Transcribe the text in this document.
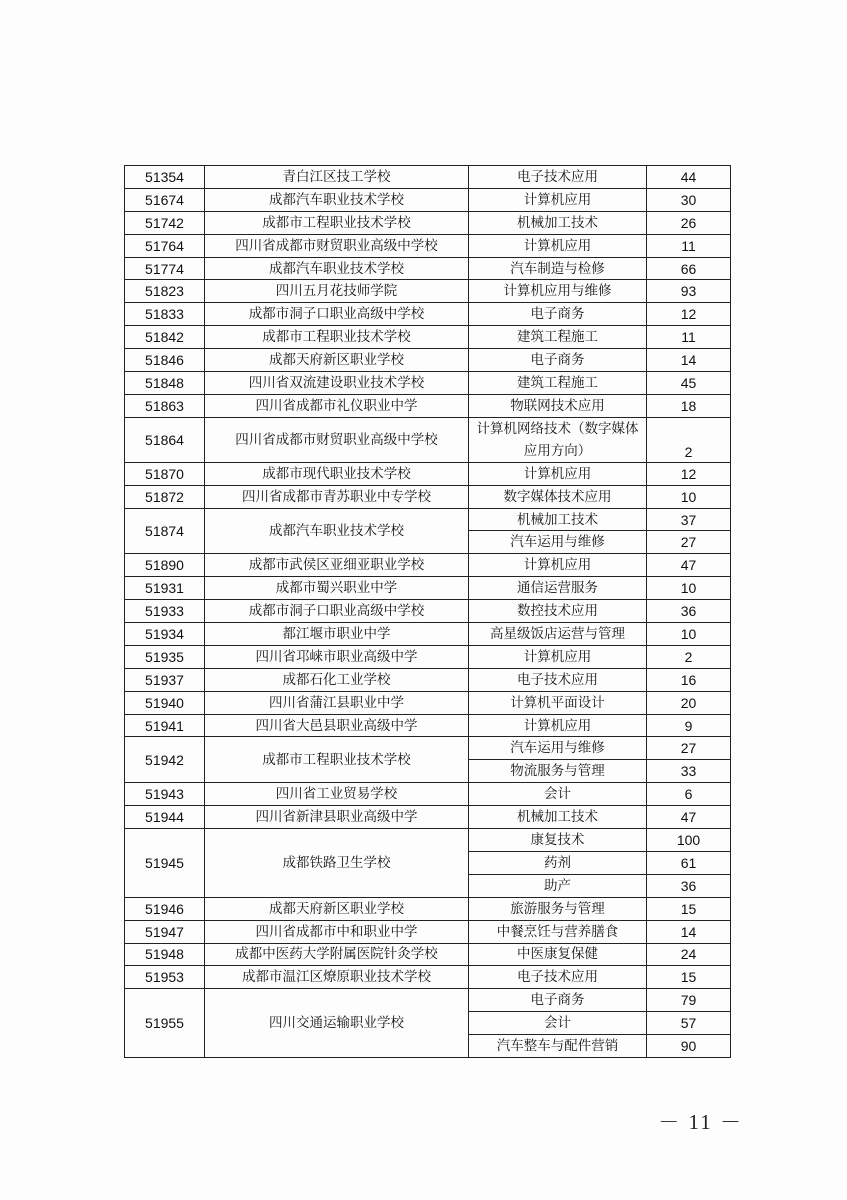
51354	青白江区技工学校	电子技术应用	44
51674	成都汽车职业技术学校	计算机应用	30
51742	成都市工程职业技术学校	机械加工技术	26
51764	四川省成都市财贸职业高级中学校	计算机应用	11
51774	成都汽车职业技术学校	汽车制造与检修	66
51823	四川五月花技师学院	计算机应用与维修	93
51833	成都市洞子口职业高级中学校	电子商务	12
51842	成都市工程职业技术学校	建筑工程施工	11
51846	成都天府新区职业学校	电子商务	14
51848	四川省双流建设职业技术学校	建筑工程施工	45
51863	四川省成都市礼仪职业中学	物联网技术应用	18
51864	四川省成都市财贸职业高级中学校	计算机网络技术（数字媒体应用方向）	2
51870	成都市现代职业技术学校	计算机应用	12
51872	四川省成都市青苏职业中专学校	数字媒体技术应用	10
51874	成都汽车职业技术学校	机械加工技术	37
		汽车运用与维修	27
51890	成都市武侯区亚细亚职业学校	计算机应用	47
51931	成都市蜀兴职业中学	通信运营服务	10
51933	成都市洞子口职业高级中学校	数控技术应用	36
51934	都江堰市职业中学	高星级饭店运营与管理	10
51935	四川省邛崃市职业高级中学	计算机应用	2
51937	成都石化工业学校	电子技术应用	16
51940	四川省蒲江县职业中学	计算机平面设计	20
51941	四川省大邑县职业高级中学	计算机应用	9
51942	成都市工程职业技术学校	汽车运用与维修	27
		物流服务与管理	33
51943	四川省工业贸易学校	会计	6
51944	四川省新津县职业高级中学	机械加工技术	47
51945	成都铁路卫生学校	康复技术	100
		药剂	61
		助产	36
51946	成都天府新区职业学校	旅游服务与管理	15
51947	四川省成都市中和职业中学	中餐烹饪与营养膳食	14
51948	成都中医药大学附属医院针灸学校	中医康复保健	24
51953	成都市温江区燎原职业技术学校	电子技术应用	15
51955	四川交通运输职业学校	电子商务	79
		会计	57
		汽车整车与配件营销	90
－ 11 －
